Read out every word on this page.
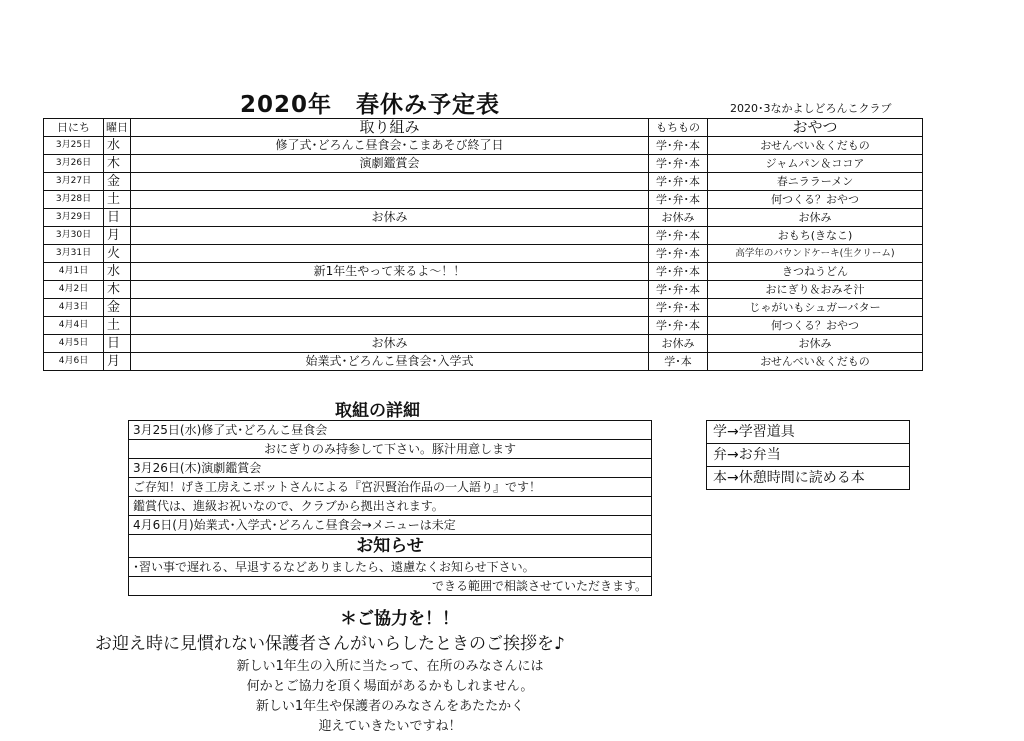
2020年　春休み予定表	2020･3なかよしどろんこクラブ
日にち	曜日	取り組み	もちもの	おやつ
3月25日	水	修了式･どろんこ昼食会･こまあそび終了日	学･弁･本	おせんべい＆くだもの
3月26日	木	演劇鑑賞会	学･弁･本	ジャムパン＆ココア
3月27日	金		学･弁･本	春ニララーメン
3月28日	土		学･弁･本	何つくる？おやつ
3月29日	日	お休み	お休み	お休み
3月30日	月		学･弁･本	おもち(きなこ)
3月31日	火		学･弁･本	高学年のパウンドケーキ(生クリーム)
4月1日	水	新1年生やって来るよ～！！	学･弁･本	きつねうどん
4月2日	木		学･弁･本	おにぎり＆おみそ汁
4月3日	金		学･弁･本	じゃがいもシュガーバター
4月4日	土		学･弁･本	何つくる？おやつ
4月5日	日	お休み	お休み	お休み
4月6日	月	始業式･どろんこ昼食会･入学式	学･本	おせんべい＆くだもの
取組の詳細
3月25日(水)修了式･どろんこ昼食会
おにぎりのみ持参して下さい。豚汁用意します
3月26日(木)演劇鑑賞会
ご存知！げき工房えこボットさんによる『宮沢賢治作品の一人語り』です！
鑑賞代は、進級お祝いなので、クラブから拠出されます。
4月6日(月)始業式･入学式･どろんこ昼食会→メニューは未定
お知らせ
･習い事で遅れる、早退するなどありましたら、遠慮なくお知らせ下さい。
できる範囲で相談させていただきます。
学→学習道具
弁→お弁当
本→休憩時間に読める本
＊ご協力を！！
お迎え時に見慣れない保護者さんがいらしたときのご挨拶を♪
新しい1年生の入所に当たって、在所のみなさんには
何かとご協力を頂く場面があるかもしれません。
新しい1年生や保護者のみなさんをあたたかく
迎えていきたいですね！
